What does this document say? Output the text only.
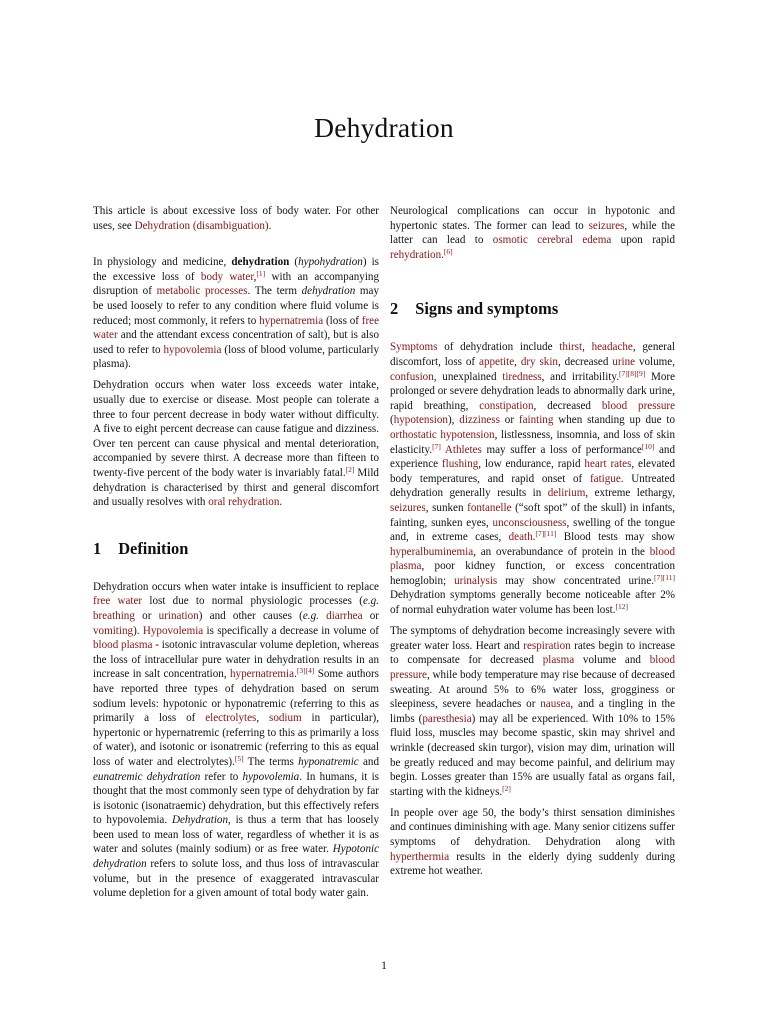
Dehydration

This article is about excessive loss of body water. For other uses, see Dehydration (disambiguation).

In physiology and medicine, dehydration (hypohydration) is the excessive loss of body water,[1] with an accompanying disruption of metabolic processes. The term dehydration may be used loosely to refer to any condition where fluid volume is reduced; most commonly, it refers to hypernatremia (loss of free water and the attendant excess concentration of salt), but is also used to refer to hypovolemia (loss of blood volume, particularly plasma).

Dehydration occurs when water loss exceeds water intake, usually due to exercise or disease. Most people can tolerate a three to four percent decrease in body water without difficulty. A five to eight percent decrease can cause fatigue and dizziness. Over ten percent can cause physical and mental deterioration, accompanied by severe thirst. A decrease more than fifteen to twenty-five percent of the body water is invariably fatal.[2] Mild dehydration is characterised by thirst and general discomfort and usually resolves with oral rehydration.

1 Definition

Dehydration occurs when water intake is insufficient to replace free water lost due to normal physiologic processes (e.g. breathing or urination) and other causes (e.g. diarrhea or vomiting). Hypovolemia is specifically a decrease in volume of blood plasma - isotonic intravascular volume depletion, whereas the loss of intracellular pure water in dehydration results in an increase in salt concentration, hypernatremia.[3][4] Some authors have reported three types of dehydration based on serum sodium levels: hypotonic or hyponatremic (referring to this as primarily a loss of electrolytes, sodium in particular), hypertonic or hypernatremic (referring to this as primarily a loss of water), and isotonic or isonatremic (referring to this as equal loss of water and electrolytes).[5] The terms hyponatremic and eunatremic dehydration refer to hypovolemia. In humans, it is thought that the most commonly seen type of dehydration by far is isotonic (isonatraemic) dehydration, but this effectively refers to hypovolemia. Dehydration, is thus a term that has loosely been used to mean loss of water, regardless of whether it is as water and solutes (mainly sodium) or as free water. Hypotonic dehydration refers to solute loss, and thus loss of intravascular volume, but in the presence of exaggerated intravascular volume depletion for a given amount of total body water gain.

Neurological complications can occur in hypotonic and hypertonic states. The former can lead to seizures, while the latter can lead to osmotic cerebral edema upon rapid rehydration.[6]

2 Signs and symptoms

Symptoms of dehydration include thirst, headache, general discomfort, loss of appetite, dry skin, decreased urine volume, confusion, unexplained tiredness, and irritability.[7][8][9] More prolonged or severe dehydration leads to abnormally dark urine, rapid breathing, constipation, decreased blood pressure (hypotension), dizziness or fainting when standing up due to orthostatic hypotension, listlessness, insomnia, and loss of skin elasticity.[7] Athletes may suffer a loss of performance[10] and experience flushing, low endurance, rapid heart rates, elevated body temperatures, and rapid onset of fatigue. Untreated dehydration generally results in delirium, extreme lethargy, seizures, sunken fontanelle (“soft spot” of the skull) in infants, fainting, sunken eyes, unconsciousness, swelling of the tongue and, in extreme cases, death.[7][11] Blood tests may show hyperalbuminemia, an overabundance of protein in the blood plasma, poor kidney function, or excess concentration hemoglobin; urinalysis may show concentrated urine.[7][11] Dehydration symptoms generally become noticeable after 2% of normal euhydration water volume has been lost.[12]

The symptoms of dehydration become increasingly severe with greater water loss. Heart and respiration rates begin to increase to compensate for decreased plasma volume and blood pressure, while body temperature may rise because of decreased sweating. At around 5% to 6% water loss, grogginess or sleepiness, severe headaches or nausea, and a tingling in the limbs (paresthesia) may all be experienced. With 10% to 15% fluid loss, muscles may become spastic, skin may shrivel and wrinkle (decreased skin turgor), vision may dim, urination will be greatly reduced and may become painful, and delirium may begin. Losses greater than 15% are usually fatal as organs fail, starting with the kidneys.[2]

In people over age 50, the body’s thirst sensation diminishes and continues diminishing with age. Many senior citizens suffer symptoms of dehydration. Dehydration along with hyperthermia results in the elderly dying suddenly during extreme hot weather.

1
